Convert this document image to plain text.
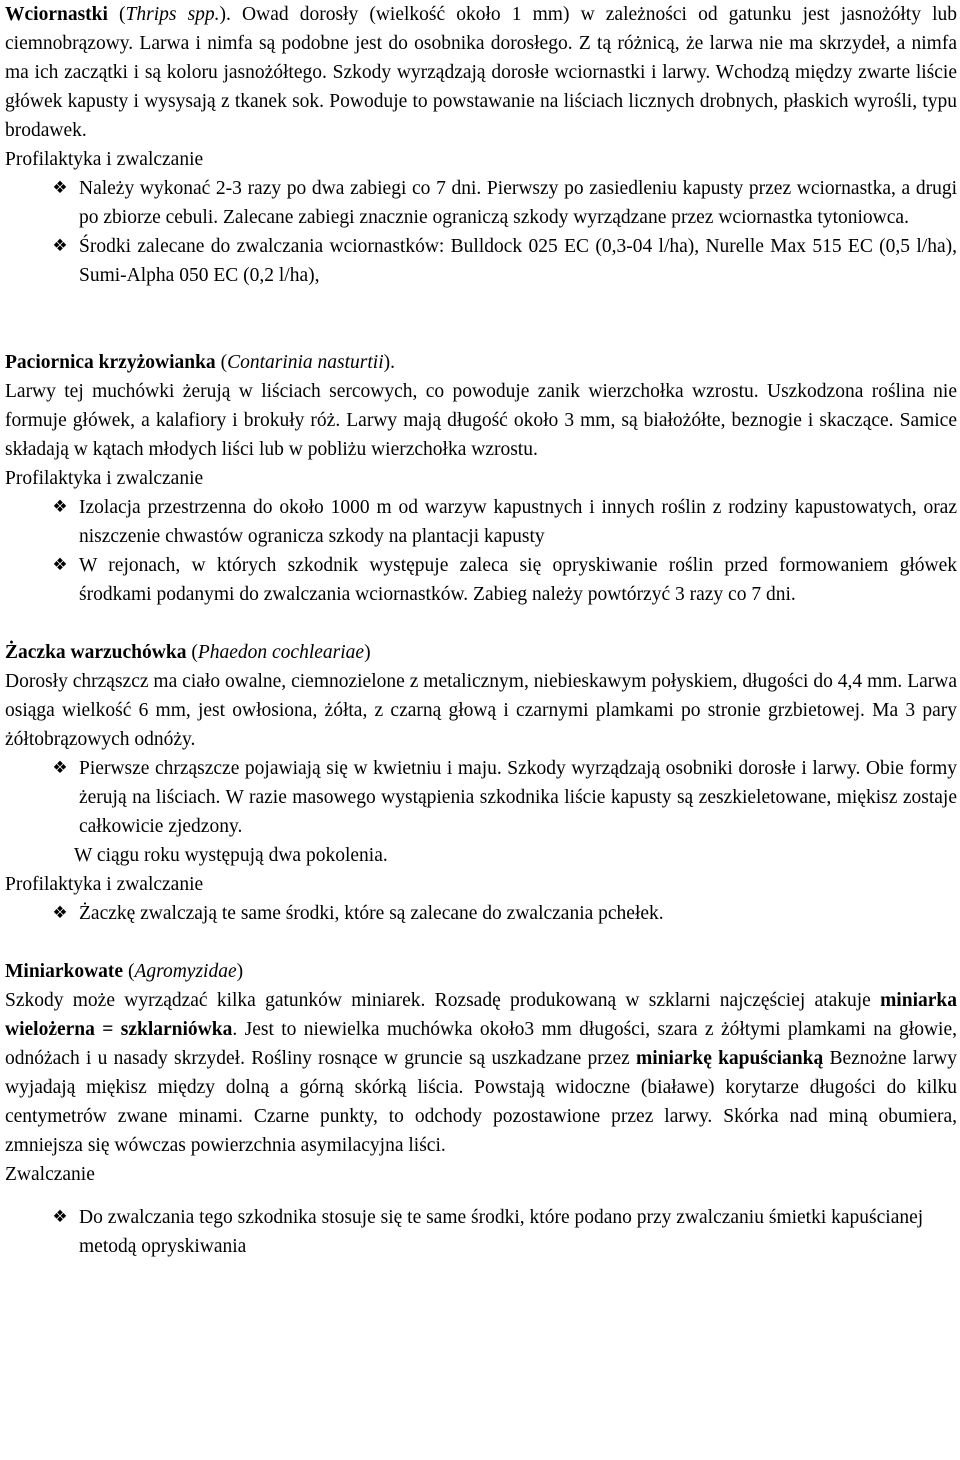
Wciornastki (Thrips spp.). Owad dorosły (wielkość około 1 mm) w zależności od gatunku jest jasnożółty lub ciemnobrązowy. Larwa i nimfa są podobne jest do osobnika dorosłego. Z tą różnicą, że larwa nie ma skrzydeł, a nimfa ma ich zaczątki i są koloru jasnożółtego. Szkody wyrządzają dorosłe wciornastki i larwy. Wchodzą między zwarte liście główek kapusty i wysysają z tkanek sok. Powoduje to powstawanie na liściach licznych drobnych, płaskich wyrośli, typu brodawek.

Profilaktyka i zwalczanie
❖ Należy wykonać 2-3 razy po dwa zabiegi co 7 dni. Pierwszy po zasiedleniu kapusty przez wciornastka, a drugi po zbiorze cebuli. Zalecane zabiegi znacznie ograniczą szkody wyrządzane przez wciornastka tytoniowca.
❖ Środki zalecane do zwalczania wciornastków: Bulldock 025 EC (0,3-04 l/ha), Nurelle Max 515 EC (0,5 l/ha), Sumi-Alpha 050 EC (0,2 l/ha),

Paciornica krzyżowianka (Contarinia nasturtii).
Larwy tej muchówki żerują w liściach sercowych, co powoduje zanik wierzchołka wzrostu. Uszkodzona roślina nie formuje główek, a kalafiory i brokuły róż. Larwy mają długość około 3 mm, są białożółte, beznogie i skaczące. Samice składają w kątach młodych liści lub w pobliżu wierzchołka wzrostu.

Profilaktyka i zwalczanie
❖ Izolacja przestrzenna do około 1000 m od warzyw kapustnych i innych roślin z rodziny kapustowatych, oraz niszczenie chwastów ogranicza szkody na plantacji kapusty
❖ W rejonach, w których szkodnik występuje zaleca się opryskiwanie roślin przed formowaniem główek środkami podanymi do zwalczania wciornastków. Zabieg należy powtórzyć 3 razy co 7 dni.

Żaczka warzuchówka (Phaedon cochleariae)
Dorosły chrząszcz ma ciało owalne, ciemnozielone z metalicznym, niebieskawym połyskiem, długości do 4,4 mm. Larwa osiąga wielkość 6 mm, jest owłosiona, żółta, z czarną głową i czarnymi plamkami po stronie grzbietowej. Ma 3 pary żółtobrązowych odnóży.

❖ Pierwsze chrząszcze pojawiają się w kwietniu i maju. Szkody wyrządzają osobniki dorosłe i larwy. Obie formy żerują na liściach. W razie masowego wystąpienia szkodnika liście kapusty są zeszkieletowane, miękisz zostaje całkowicie zjedzony.
W ciągu roku występują dwa pokolenia.
Profilaktyka i zwalczanie
❖ Żaczkę zwalczają te same środki, które są zalecane do zwalczania pchełek.

Miniarkowate (Agromyzidae)
Szkody może wyrządzać kilka gatunków miniarek. Rozsadę produkowaną w szklarni najczęściej atakuje miniarka wielożerna = szklarniówka. Jest to niewielka muchówka około3 mm długości, szara z żółtymi plamkami na głowie, odnóżach i u nasady skrzydeł. Rośliny rosnące w gruncie są uszkadzane przez miniarkę kapuścianką Beznożne larwy wyjadają miękisz między dolną a górną skórką liścia. Powstają widoczne (białawe) korytarze długości do kilku centymetrów zwane minami. Czarne punkty, to odchody pozostawione przez larwy. Skórka nad miną obumiera, zmniejsza się wówczas powierzchnia asymilacyjna liści.

Zwalczanie
❖ Do zwalczania tego szkodnika stosuje się te same środki, które podano przy zwalczaniu śmietki kapuścianej metodą opryskiwania
